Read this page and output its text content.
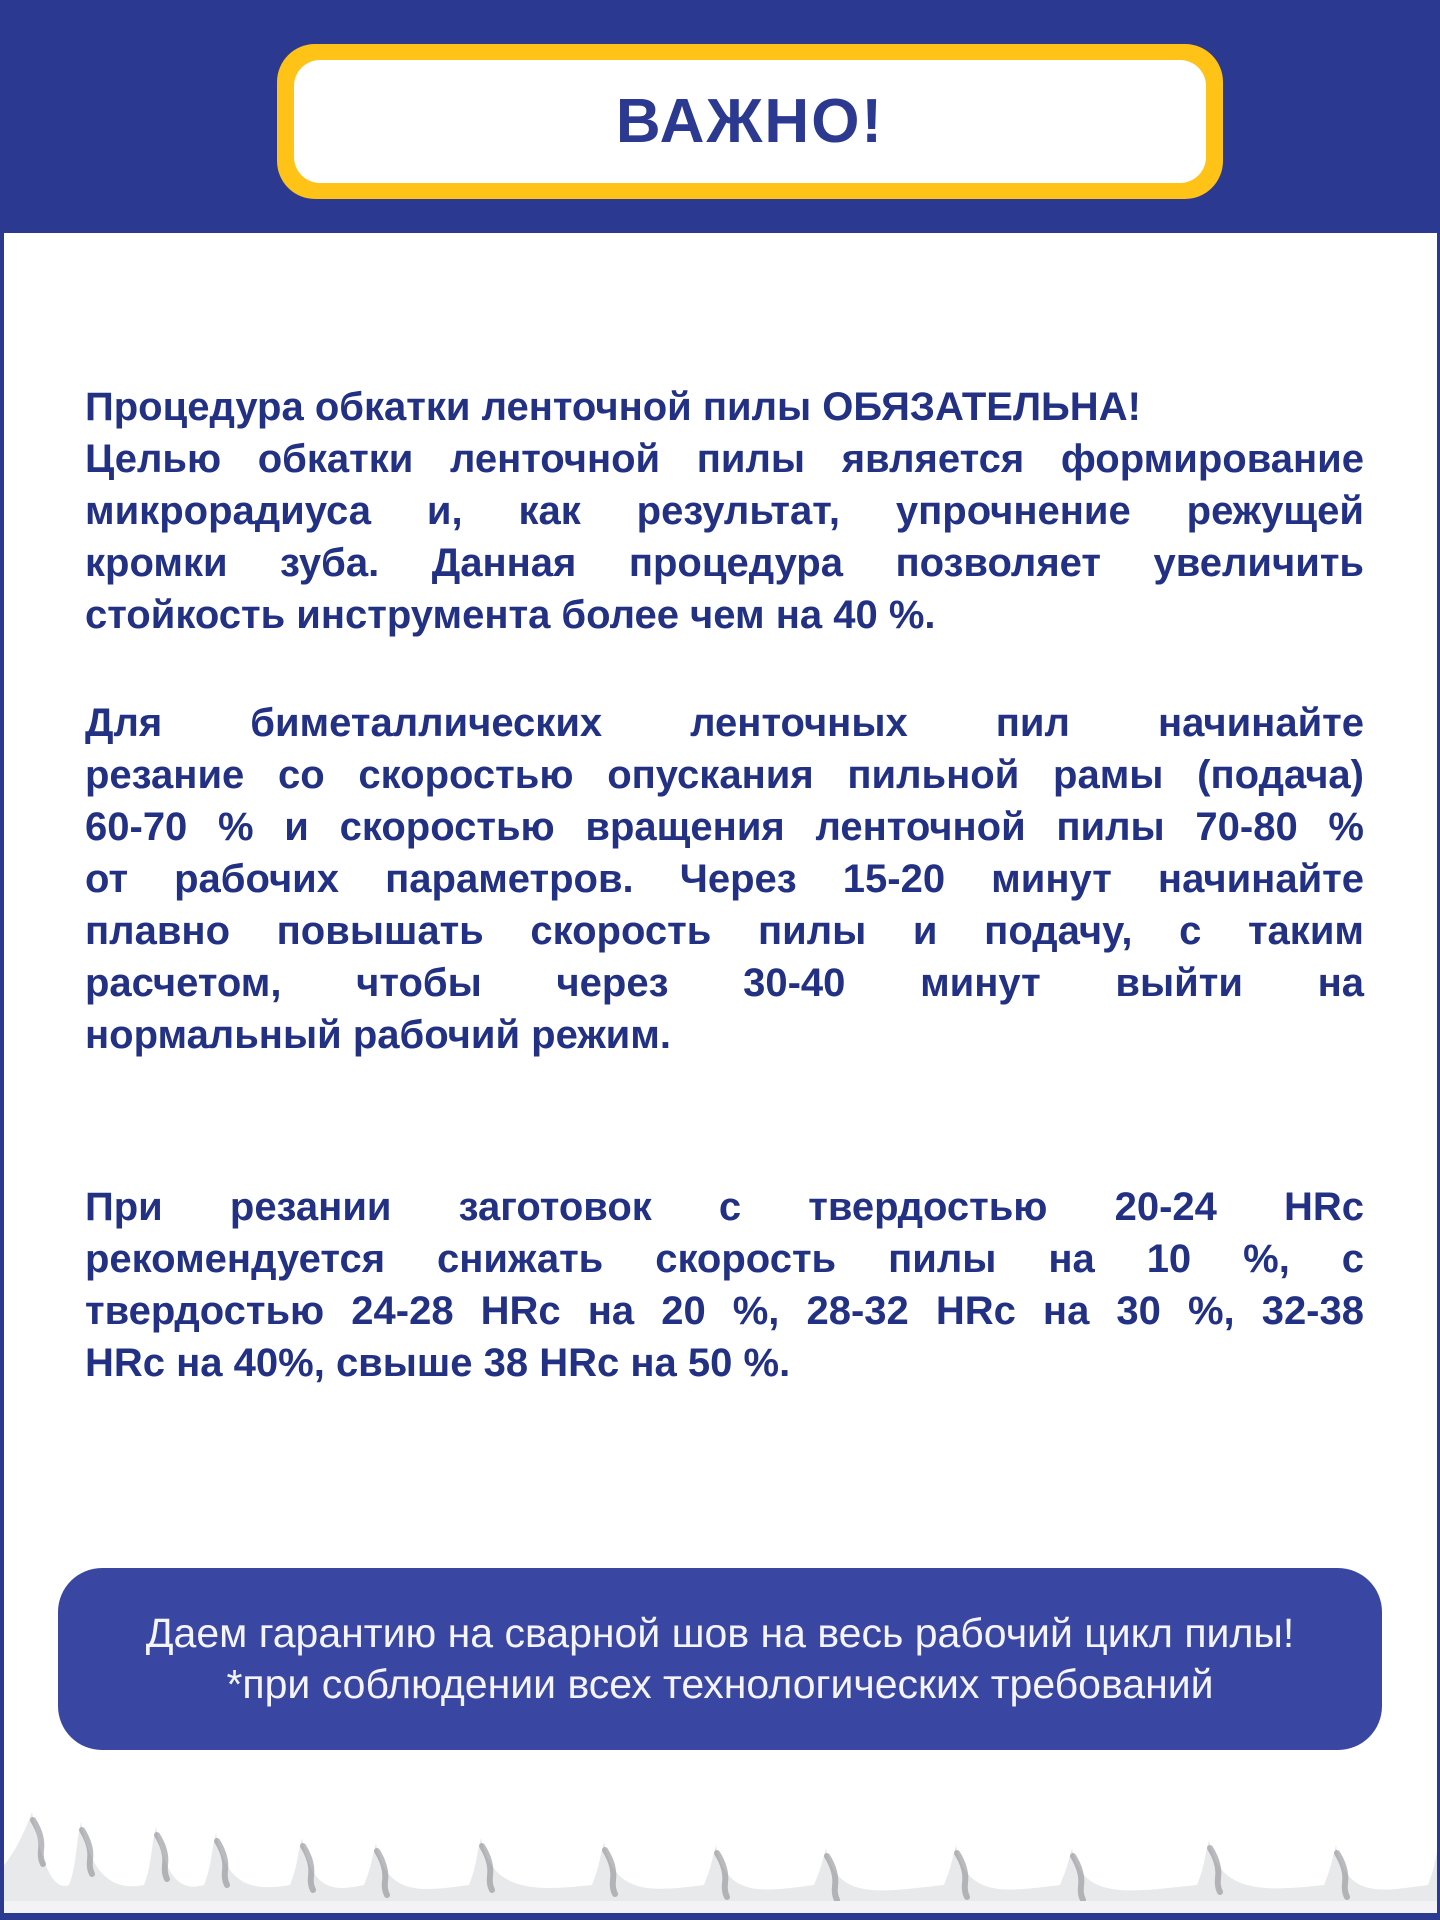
ВАЖНО!
Процедура обкатки ленточной пилы ОБЯЗАТЕЛЬНА!
Целью обкатки ленточной пилы является формирование
микрорадиуса и, как результат, упрочнение режущей
кромки зуба. Данная процедура позволяет увеличить
стойкость инструмента более чем на 40 %.
Для биметаллических ленточных пил начинайте
резание со скоростью опускания пильной рамы (подача)
60-70 % и скоростью вращения ленточной пилы 70-80 %
от рабочих параметров. Через 15-20 минут начинайте
плавно повышать скорость пилы и подачу, с таким
расчетом, чтобы через 30-40 минут выйти на
нормальный рабочий режим.
При резании заготовок с твердостью 20-24 HRc
рекомендуется снижать скорость пилы на 10 %, с
твердостью 24-28 HRc на 20 %, 28-32 HRc на 30 %, 32-38
HRc на 40%, свыше 38 HRc на 50 %.
Даем гарантию на сварной шов на весь рабочий цикл пилы!
*при соблюдении всех технологических требований
